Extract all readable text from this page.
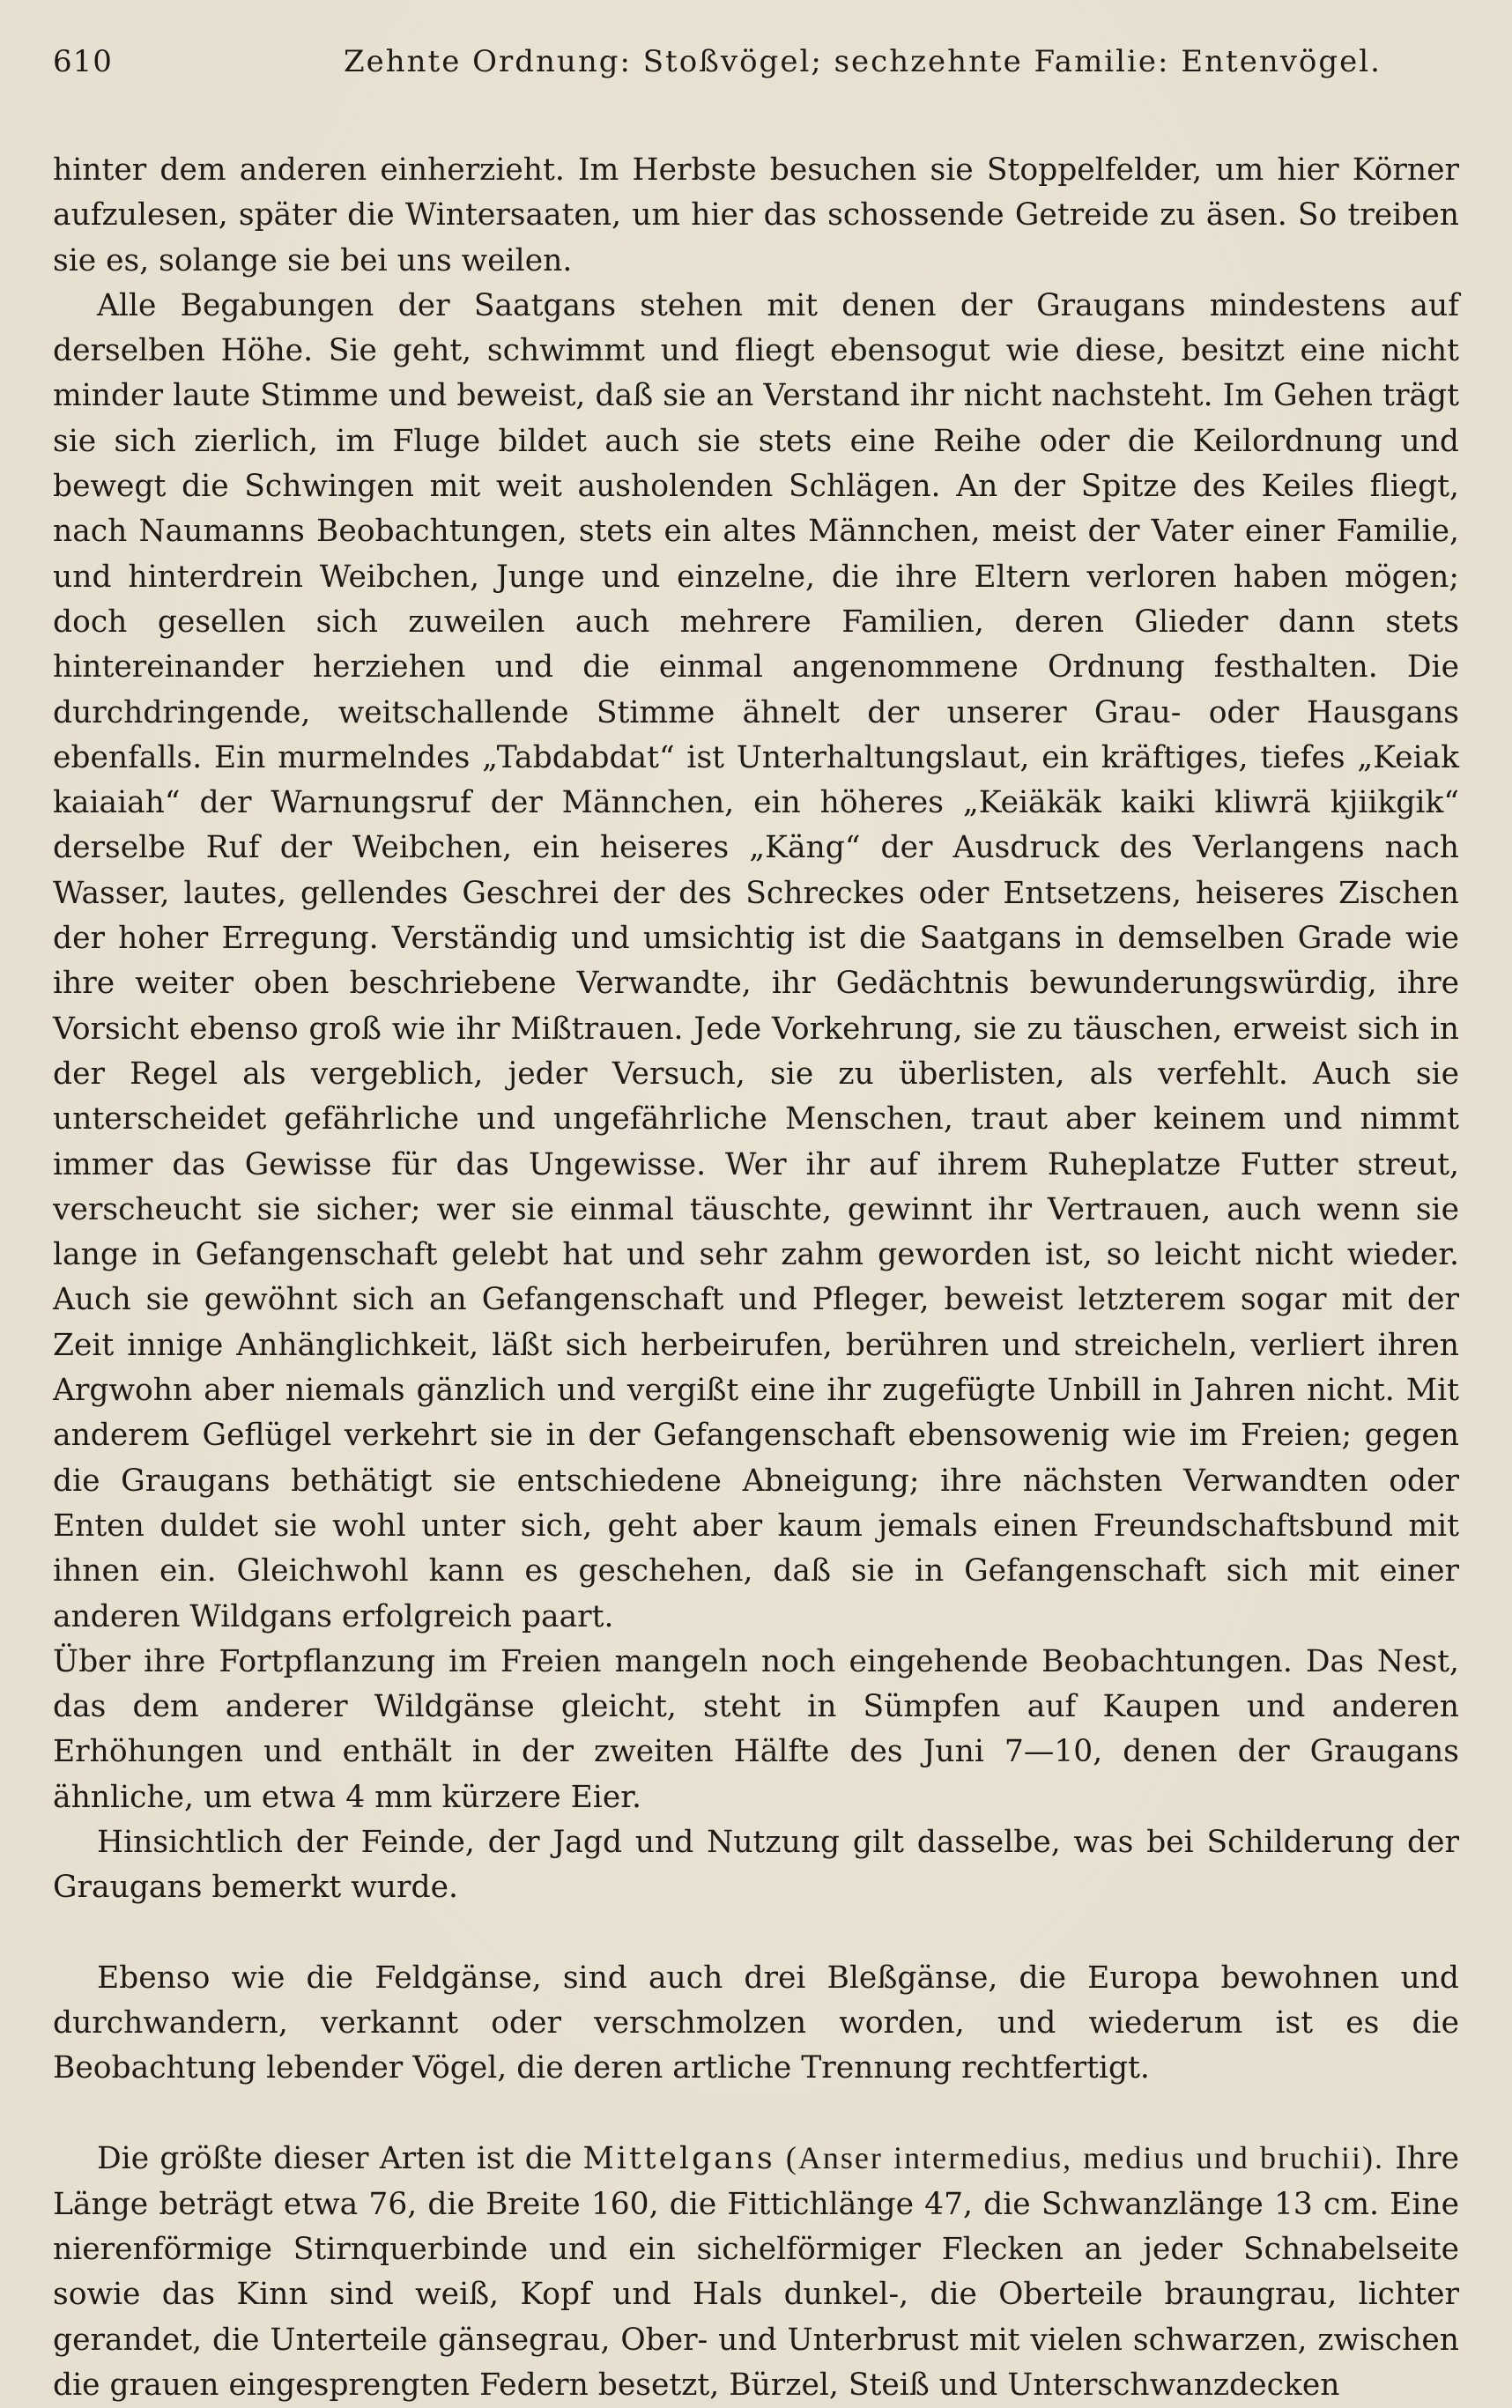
610	Zehnte Ordnung: Stoßvögel; sechzehnte Familie: Entenvögel.

hinter dem anderen einherzieht. Im Herbste besuchen sie Stoppelfelder, um hier Körner aufzulesen, später die Wintersaaten, um hier das schossende Getreide zu äsen. So treiben sie es, solange sie bei uns weilen.

Alle Begabungen der Saatgans stehen mit denen der Graugans mindestens auf derselben Höhe. Sie geht, schwimmt und fliegt ebensogut wie diese, besitzt eine nicht minder laute Stimme und beweist, daß sie an Verstand ihr nicht nachsteht. Im Gehen trägt sie sich zierlich, im Fluge bildet auch sie stets eine Reihe oder die Keilordnung und bewegt die Schwingen mit weit ausholenden Schlägen. An der Spitze des Keiles fliegt, nach Naumanns Beobachtungen, stets ein altes Männchen, meist der Vater einer Familie, und hinterdrein Weibchen, Junge und einzelne, die ihre Eltern verloren haben mögen; doch gesellen sich zuweilen auch mehrere Familien, deren Glieder dann stets hintereinander herziehen und die einmal angenommene Ordnung festhalten. Die durchdringende, weitschallende Stimme ähnelt der unserer Grau- oder Hausgans ebenfalls. Ein murmelndes „Tabdabdat“ ist Unterhaltungslaut, ein kräftiges, tiefes „Keiak kaiaiah“ der Warnungsruf der Männchen, ein höheres „Keiäkäk kaiki kliwrä kjiikgik“ derselbe Ruf der Weibchen, ein heiseres „Käng“ der Ausdruck des Verlangens nach Wasser, lautes, gellendes Geschrei der des Schreckes oder Entsetzens, heiseres Zischen der hoher Erregung. Verständig und umsichtig ist die Saatgans in demselben Grade wie ihre weiter oben beschriebene Verwandte, ihr Gedächtnis bewunderungswürdig, ihre Vorsicht ebenso groß wie ihr Mißtrauen. Jede Vorkehrung, sie zu täuschen, erweist sich in der Regel als vergeblich, jeder Versuch, sie zu überlisten, als verfehlt. Auch sie unterscheidet gefährliche und ungefährliche Menschen, traut aber keinem und nimmt immer das Gewisse für das Ungewisse. Wer ihr auf ihrem Ruheplatze Futter streut, verscheucht sie sicher; wer sie einmal täuschte, gewinnt ihr Vertrauen, auch wenn sie lange in Gefangenschaft gelebt hat und sehr zahm geworden ist, so leicht nicht wieder. Auch sie gewöhnt sich an Gefangenschaft und Pfleger, beweist letzterem sogar mit der Zeit innige Anhänglichkeit, läßt sich herbeirufen, berühren und streicheln, verliert ihren Argwohn aber niemals gänzlich und vergißt eine ihr zugefügte Unbill in Jahren nicht. Mit anderem Geflügel verkehrt sie in der Gefangenschaft ebensowenig wie im Freien; gegen die Graugans bethätigt sie entschiedene Abneigung; ihre nächsten Verwandten oder Enten duldet sie wohl unter sich, geht aber kaum jemals einen Freundschaftsbund mit ihnen ein. Gleichwohl kann es geschehen, daß sie in Gefangenschaft sich mit einer anderen Wildgans erfolgreich paart.

Über ihre Fortpflanzung im Freien mangeln noch eingehende Beobachtungen. Das Nest, das dem anderer Wildgänse gleicht, steht in Sümpfen auf Kaupen und anderen Erhöhungen und enthält in der zweiten Hälfte des Juni 7—10, denen der Graugans ähnliche, um etwa 4 mm kürzere Eier.

Hinsichtlich der Feinde, der Jagd und Nutzung gilt dasselbe, was bei Schilderung der Graugans bemerkt wurde.

Ebenso wie die Feldgänse, sind auch drei Bleßgänse, die Europa bewohnen und durchwandern, verkannt oder verschmolzen worden, und wiederum ist es die Beobachtung lebender Vögel, die deren artliche Trennung rechtfertigt.

Die größte dieser Arten ist die Mittelgans (Anser intermedius, medius und bruchii). Ihre Länge beträgt etwa 76, die Breite 160, die Fittichlänge 47, die Schwanzlänge 13 cm. Eine nierenförmige Stirnquerbinde und ein sichelförmiger Flecken an jeder Schnabelseite sowie das Kinn sind weiß, Kopf und Hals dunkel-, die Oberteile braungrau, lichter gerandet, die Unterteile gänsegrau, Ober- und Unterbrust mit vielen schwarzen, zwischen die grauen eingesprengten Federn besetzt, Bürzel, Steiß und Unterschwanzdecken
